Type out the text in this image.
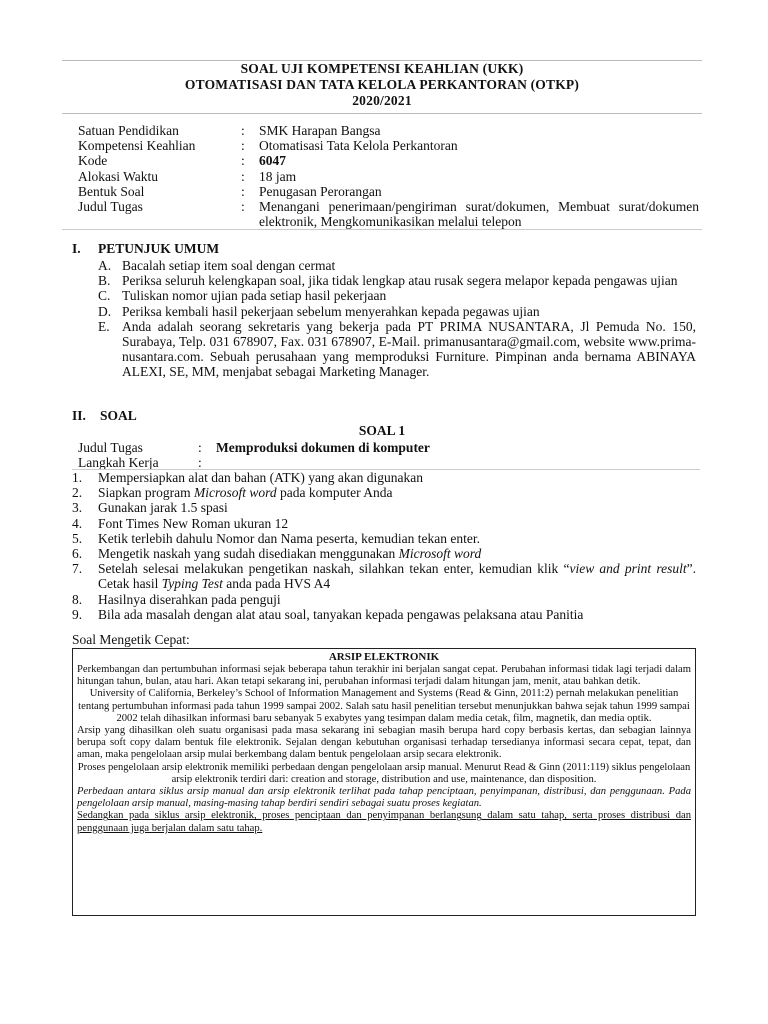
SOAL UJI KOMPETENSI KEAHLIAN (UKK)
OTOMATISASI DAN TATA KELOLA PERKANTORAN (OTKP)
2020/2021
Satuan Pendidikan	: SMK Harapan Bangsa
Kompetensi Keahlian	: Otomatisasi Tata Kelola Perkantoran
Kode	: 6047
Alokasi Waktu	: 18 jam
Bentuk Soal	: Penugasan Perorangan
Judul Tugas	: Menangani penerimaan/pengiriman surat/dokumen, Membuat surat/dokumen elektronik, Mengkomunikasikan melalui telepon
I. PETUNJUK UMUM
A. Bacalah setiap item soal dengan cermat
B. Periksa seluruh kelengkapan soal, jika tidak lengkap atau rusak segera melapor kepada pengawas ujian
C. Tuliskan nomor ujian pada setiap hasil pekerjaan
D. Periksa kembali hasil pekerjaan sebelum menyerahkan kepada pegawas ujian
E. Anda adalah seorang sekretaris yang bekerja pada PT PRIMA NUSANTARA, Jl Pemuda No. 150, Surabaya, Telp. 031 678907, Fax. 031 678907, E-Mail. primanusantara@gmail.com, website www.prima-nusantara.com. Sebuah perusahaan yang memproduksi Furniture. Pimpinan anda bernama ABINAYA ALEXI, SE, MM, menjabat sebagai Marketing Manager.
II. SOAL
SOAL 1
Judul Tugas	: Memproduksi dokumen di komputer
Langkah Kerja	:
1. Mempersiapkan alat dan bahan (ATK) yang akan digunakan
2. Siapkan program Microsoft word pada komputer Anda
3. Gunakan jarak 1.5 spasi
4. Font Times New Roman ukuran 12
5. Ketik terlebih dahulu Nomor dan Nama peserta, kemudian tekan enter.
6. Mengetik naskah yang sudah disediakan menggunakan Microsoft word
7. Setelah selesai melakukan pengetikan naskah, silahkan tekan enter, kemudian klik “view and print result”. Cetak hasil Typing Test anda pada HVS A4
8. Hasilnya diserahkan pada penguji
9. Bila ada masalah dengan alat atau soal, tanyakan kepada pengawas pelaksana atau Panitia
Soal Mengetik Cepat:
ARSIP ELEKTRONIK

Perkembangan dan pertumbuhan informasi sejak beberapa tahun terakhir ini berjalan sangat cepat. Perubahan informasi tidak lagi terjadi dalam hitungan tahun, bulan, atau hari. Akan tetapi sekarang ini, perubahan informasi terjadi dalam hitungan jam, menit, atau bahkan detik.

University of California, Berkeley’s School of Information Management and Systems (Read & Ginn, 2011:2) pernah melakukan penelitian tentang pertumbuhan informasi pada tahun 1999 sampai 2002. Salah satu hasil penelitian tersebut menunjukkan bahwa sejak tahun 1999 sampai 2002 telah dihasilkan informasi baru sebanyak 5 exabytes yang tesimpan dalam media cetak, film, magnetik, dan media optik.

Arsip yang dihasilkan oleh suatu organisasi pada masa sekarang ini sebagian masih berupa hard copy berbasis kertas, dan sebagian lainnya berupa soft copy dalam bentuk file elektronik. Sejalan dengan kebutuhan organisasi terhadap tersedianya informasi secara cepat, tepat, dan aman, maka pengelolaan arsip mulai berkembang dalam bentuk pengelolaan arsip secara elektronik.

Proses pengelolaan arsip elektronik memiliki perbedaan dengan pengelolaan arsip manual. Menurut Read & Ginn (2011:119) siklus pengelolaan arsip elektronik terdiri dari: creation and storage, distribution and use, maintenance, dan disposition.

Perbedaan antara siklus arsip manual dan arsip elektronik terlihat pada tahap penciptaan, penyimpanan, distribusi, dan penggunaan. Pada pengelolaan arsip manual, masing-masing tahap berdiri sendiri sebagai suatu proses kegiatan.

Sedangkan pada siklus arsip elektronik, proses penciptaan dan penyimpanan berlangsung dalam satu tahap, serta proses distribusi dan penggunaan juga berjalan dalam satu tahap.
